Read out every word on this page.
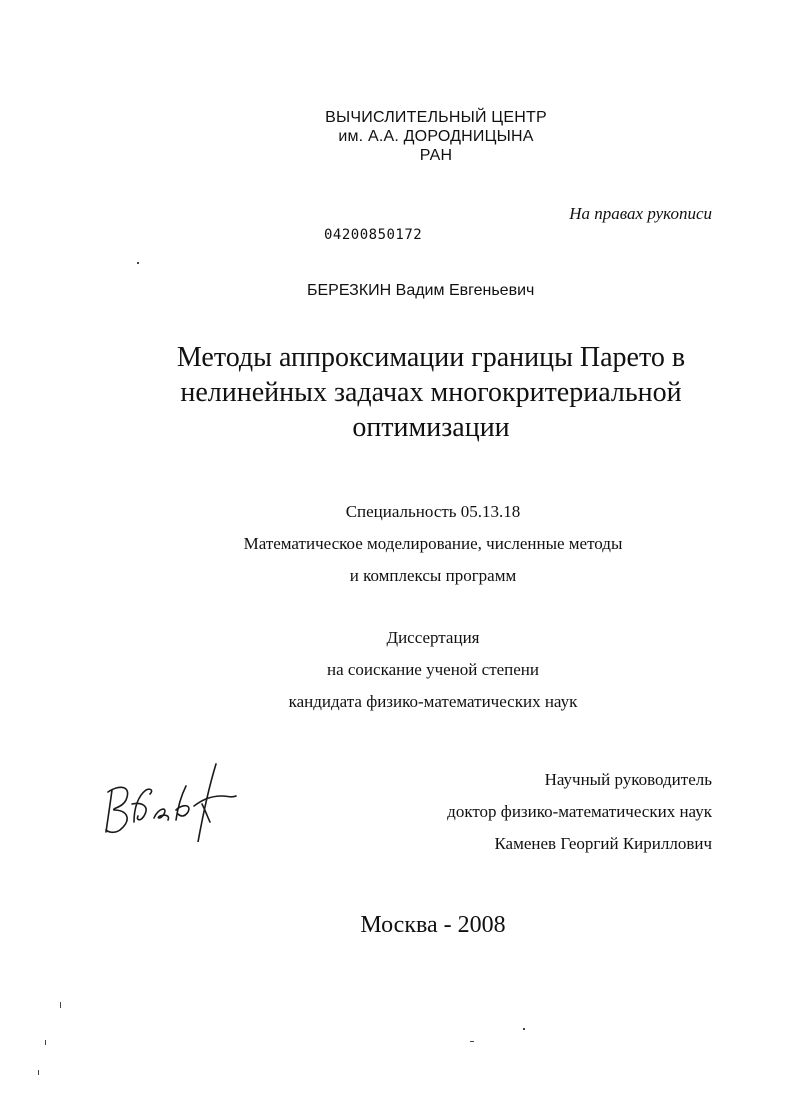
ВЫЧИСЛИТЕЛЬНЫЙ ЦЕНТР
им. А.А. ДОРОДНИЦЫНА
РАН

На правах рукописи

04200850172

БЕРЕЗКИН Вадим Евгеньевич

Методы аппроксимации границы Парето в
нелинейных задачах многокритериальной
оптимизации
Специальность 05.13.18
Математическое моделирование, численные методы
и комплексы программ
Диссертация
на соискание ученой степени
кандидата физико-математических наук
Научный руководитель
доктор физико-математических наук
Каменев Георгий Кириллович
Москва - 2008
